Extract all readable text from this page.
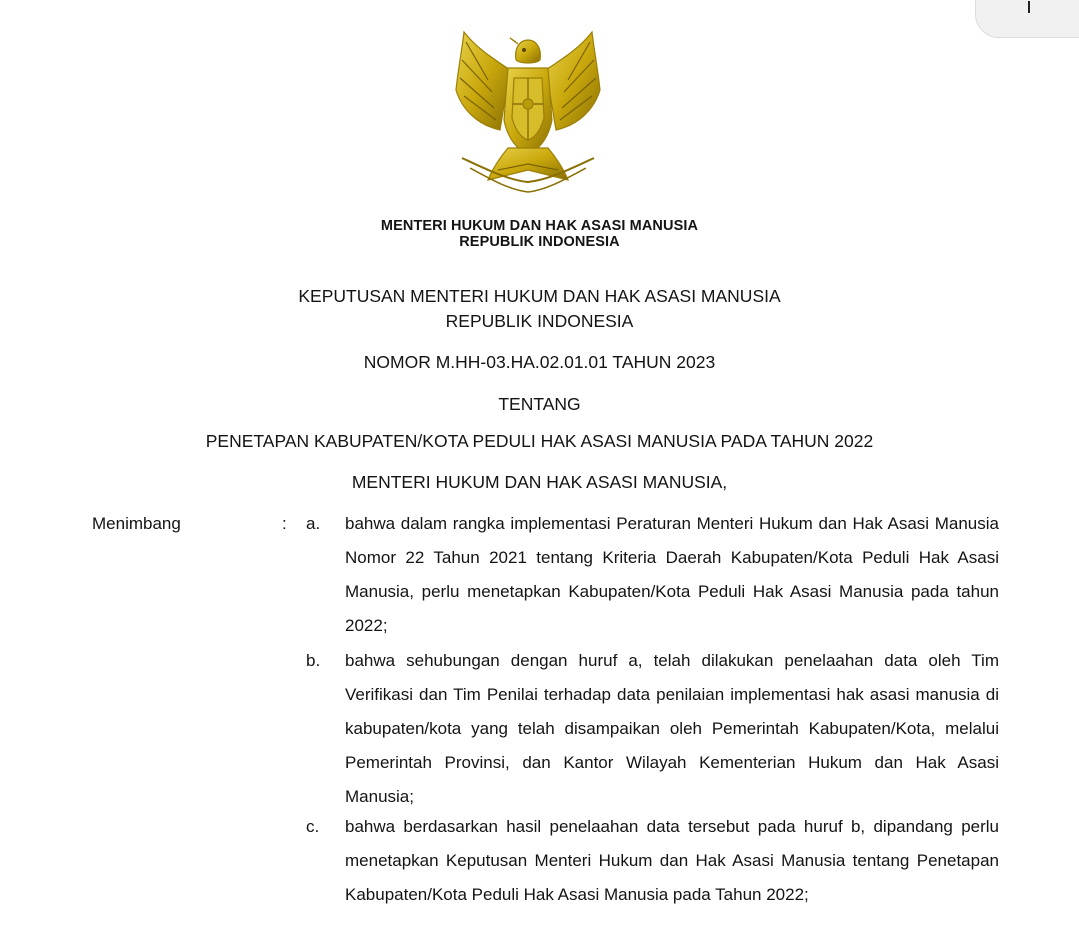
MENTERI HUKUM DAN HAK ASASI MANUSIA
REPUBLIK INDONESIA
KEPUTUSAN MENTERI HUKUM DAN HAK ASASI MANUSIA
REPUBLIK INDONESIA
NOMOR M.HH-03.HA.02.01.01 TAHUN 2023
TENTANG
PENETAPAN KABUPATEN/KOTA PEDULI HAK ASASI MANUSIA PADA TAHUN 2022
MENTERI HUKUM DAN HAK ASASI MANUSIA,
Menimbang	: a. bahwa dalam rangka implementasi Peraturan Menteri Hukum dan Hak Asasi Manusia Nomor 22 Tahun 2021 tentang Kriteria Daerah Kabupaten/Kota Peduli Hak Asasi Manusia, perlu menetapkan Kabupaten/Kota Peduli Hak Asasi Manusia pada tahun 2022;
b. bahwa sehubungan dengan huruf a, telah dilakukan penelaahan data oleh Tim Verifikasi dan Tim Penilai terhadap data penilaian implementasi hak asasi manusia di kabupaten/kota yang telah disampaikan oleh Pemerintah Kabupaten/Kota, melalui Pemerintah Provinsi, dan Kantor Wilayah Kementerian Hukum dan Hak Asasi Manusia;
c. bahwa berdasarkan hasil penelaahan data tersebut pada huruf b, dipandang perlu menetapkan Keputusan Menteri Hukum dan Hak Asasi Manusia tentang Penetapan Kabupaten/Kota Peduli Hak Asasi Manusia pada Tahun 2022;
